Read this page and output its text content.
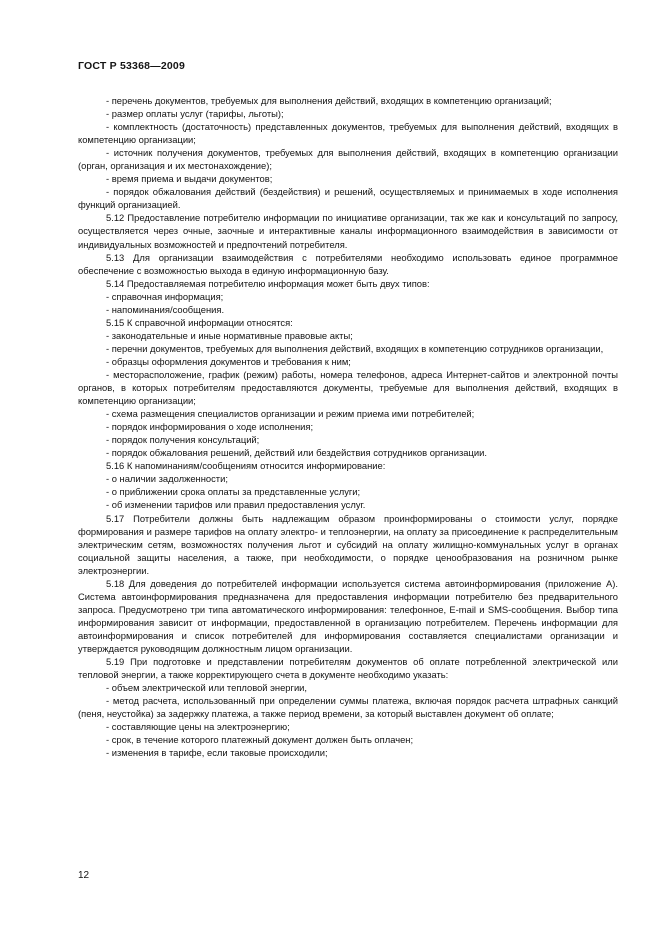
ГОСТ Р 53368—2009

- перечень документов, требуемых для выполнения действий, входящих в компетенцию организаций;

- размер оплаты услуг (тарифы, льготы);

- комплектность (достаточность) представленных документов, требуемых для выполнения действий, входящих в компетенцию организации;

- источник получения документов, требуемых для выполнения действий, входящих в компетенцию организации (орган, организация и их местонахождение);

- время приема и выдачи документов;

- порядок обжалования действий (бездействия) и решений, осуществляемых и принимаемых в ходе исполнения функций организацией.

5.12 Предоставление потребителю информации по инициативе организации, так же как и консультаций по запросу, осуществляется через очные, заочные и интерактивные каналы информационного взаимодействия в зависимости от индивидуальных возможностей и предпочтений потребителя.

5.13 Для организации взаимодействия с потребителями необходимо использовать единое программное обеспечение с возможностью выхода в единую информационную базу.

5.14 Предоставляемая потребителю информация может быть двух типов:

- справочная информация;

- напоминания/сообщения.

5.15 К справочной информации относятся:

- законодательные и иные нормативные правовые акты;

- перечни документов, требуемых для выполнения действий, входящих в компетенцию сотрудников организации,

- образцы оформления документов и требования к ним;

- месторасположение, график (режим) работы, номера телефонов, адреса Интернет-сайтов и электронной почты органов, в которых потребителям предоставляются документы, требуемые для выполнения действий, входящих в компетенцию организации;

- схема размещения специалистов организации и режим приема ими потребителей;

- порядок информирования о ходе исполнения;

- порядок получения консультаций;

- порядок обжалования решений, действий или бездействия сотрудников организации.

5.16 К напоминаниям/сообщениям относится информирование:

- о наличии задолженности;

- о приближении срока оплаты за представленные услуги;

- об изменении тарифов или правил предоставления услуг.

5.17 Потребители должны быть надлежащим образом проинформированы о стоимости услуг, порядке формирования и размере тарифов на оплату электро- и теплоэнергии, на оплату за присоединение к распределительным электрическим сетям, возможностях получения льгот и субсидий на оплату жилищно-коммунальных услуг в органах социальной защиты населения, а также, при необходимости, о порядке ценообразования на розничном рынке электроэнергии.

5.18 Для доведения до потребителей информации используется система автоинформирования (приложение А). Система автоинформирования предназначена для предоставления информации потребителю без предварительного запроса. Предусмотрено три типа автоматического информирования: телефонное, E-mail и SMS-сообщения. Выбор типа информирования зависит от информации, предоставленной в организацию потребителем. Перечень информации для автоинформирования и список потребителей для информирования составляется специалистами организации и утверждается руководящим должностным лицом организации.

5.19 При подготовке и представлении потребителям документов об оплате потребленной электрической или тепловой энергии, а также корректирующего счета в документе необходимо указать:

- объем электрической или тепловой энергии,

- метод расчета, использованный при определении суммы платежа, включая порядок расчета штрафных санкций (пеня, неустойка) за задержку платежа, а также период времени, за который выставлен документ об оплате;

- составляющие цены на электроэнергию;

- срок, в течение которого платежный документ должен быть оплачен;

- изменения в тарифе, если таковые происходили;

12
